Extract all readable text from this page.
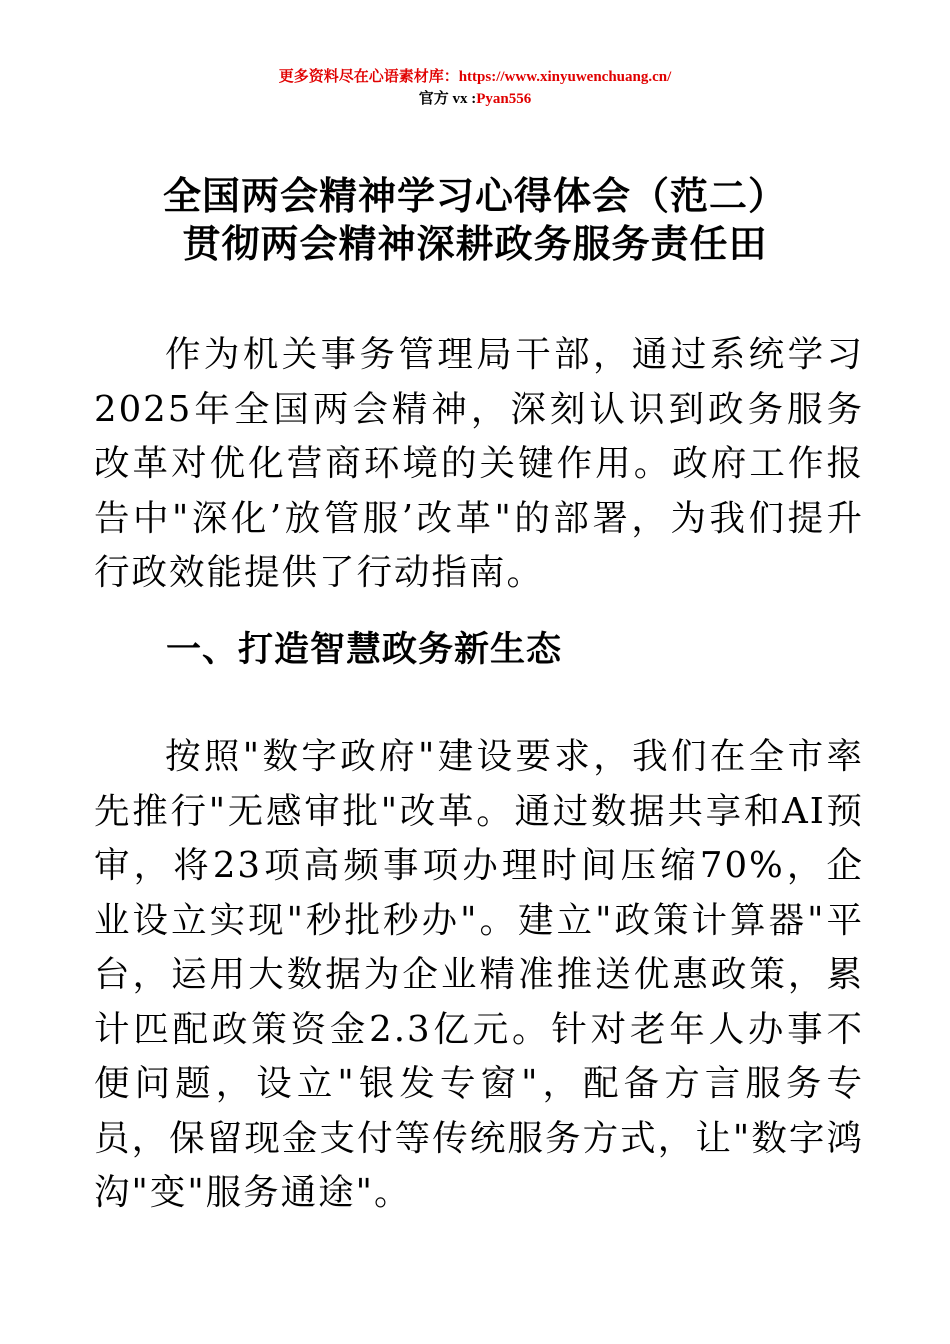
更多资料尽在心语素材库：https://www.xinyuwenchuang.cn/
官方 vx :Pyan556
全国两会精神学习心得体会（范二）
贯彻两会精神深耕政务服务责任田

作为机关事务管理局干部，通过系统学习2025年全国两会精神，深刻认识到政务服务改革对优化营商环境的关键作用。政府工作报告中"深化’放管服’改革"的部署，为我们提升行政效能提供了行动指南。

一、打造智慧政务新生态

按照"数字政府"建设要求，我们在全市率先推行"无感审批"改革。通过数据共享和AI预审，将23项高频事项办理时间压缩70%，企业设立实现"秒批秒办"。建立"政策计算器"平台，运用大数据为企业精准推送优惠政策，累计匹配政策资金2.3亿元。针对老年人办事不便问题，设立"银发专窗"，配备方言服务专员，保留现金支付等传统服务方式，让"数字鸿沟"变"服务通途"。
